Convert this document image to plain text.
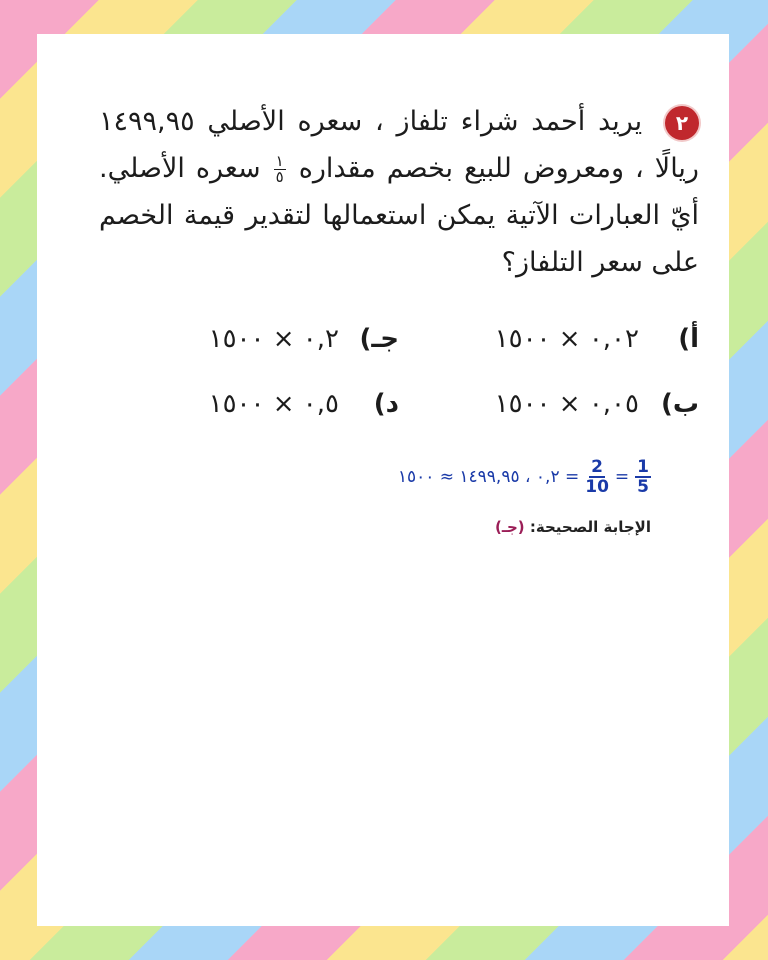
٢ يريد أحمد شراء تلفاز ، سعره الأصلي ١٤٩٩,٩٥ ريالًا ، ومعروض للبيع بخصم مقداره
$\frac{١}{٥}$
سعره الأصلي. أيّ العبارات الآتية يمكن استعمالها لتقدير قيمة الخصم على سعر التلفاز؟
أ)
٠,٠٢ × ١٥٠٠
جـ)
٠,٢ × ١٥٠٠
ب)
٠,٠٥ × ١٥٠٠
د)
٠,٥ × ١٥٠٠
$\frac{1}{5}$
=
$\frac{2}{10}$
= ٠,٢ ، ١٤٩٩,٩٥ ≈ ١٥٠٠
الإجابة الصحيحة: (جـ)
